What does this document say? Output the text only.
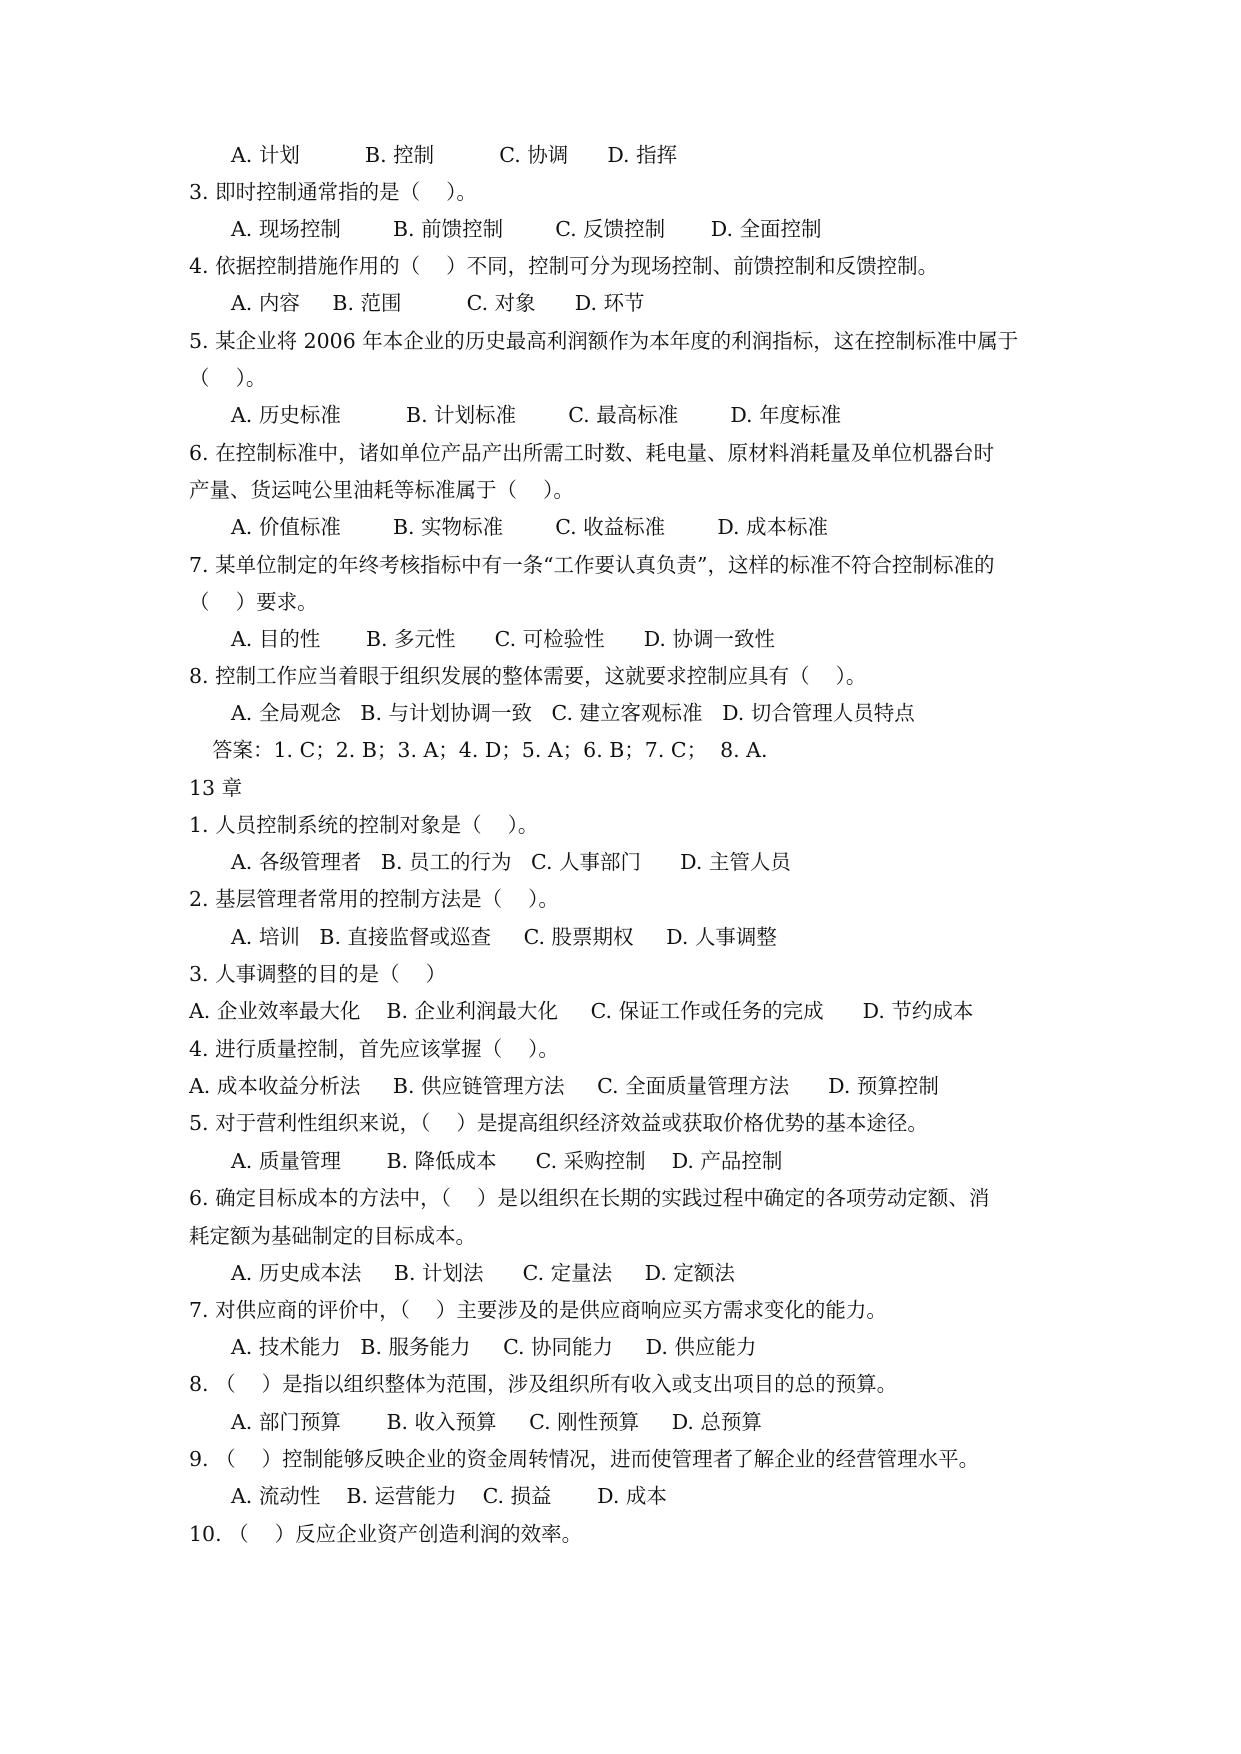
A. 计划          B. 控制          C. 协调      D. 指挥
3. 即时控制通常指的是（    ）。
A. 现场控制        B. 前馈控制        C. 反馈控制       D. 全面控制
4. 依据控制措施作用的（    ）不同，控制可分为现场控制、前馈控制和反馈控制。
A. 内容     B. 范围          C. 对象      D. 环节
5. 某企业将 2006 年本企业的历史最高利润额作为本年度的利润指标，这在控制标准中属于
（    ）。
A. 历史标准          B. 计划标准        C. 最高标准        D. 年度标准
6. 在控制标准中，诸如单位产品产出所需工时数、耗电量、原材料消耗量及单位机器台时
产量、货运吨公里油耗等标准属于（    ）。
A. 价值标准        B. 实物标准        C. 收益标准        D. 成本标准
7. 某单位制定的年终考核指标中有一条“工作要认真负责”，这样的标准不符合控制标准的
（    ）要求。
A. 目的性       B. 多元性      C. 可检验性      D. 协调一致性
8. 控制工作应当着眼于组织发展的整体需要，这就要求控制应具有（    ）。
A. 全局观念   B. 与计划协调一致   C. 建立客观标准   D. 切合管理人员特点
答案：1. C；2. B；3. A；4. D；5. A；6. B；7. C；  8. A.
13 章
1. 人员控制系统的控制对象是（    ）。
A. 各级管理者   B. 员工的行为   C. 人事部门      D. 主管人员
2. 基层管理者常用的控制方法是（    ）。
A. 培训   B. 直接监督或巡查     C. 股票期权     D. 人事调整
3. 人事调整的目的是（    ）
A. 企业效率最大化    B. 企业利润最大化     C. 保证工作或任务的完成      D. 节约成本
4. 进行质量控制，首先应该掌握（    ）。
A. 成本收益分析法     B. 供应链管理方法     C. 全面质量管理方法      D. 预算控制
5. 对于营利性组织来说，（    ）是提高组织经济效益或获取价格优势的基本途径。
A. 质量管理       B. 降低成本      C. 采购控制    D. 产品控制
6. 确定目标成本的方法中，（    ）是以组织在长期的实践过程中确定的各项劳动定额、消
耗定额为基础制定的目标成本。
A. 历史成本法     B. 计划法      C. 定量法     D. 定额法
7. 对供应商的评价中，（    ）主要涉及的是供应商响应买方需求变化的能力。
A. 技术能力   B. 服务能力     C. 协同能力     D. 供应能力
8. （    ）是指以组织整体为范围，涉及组织所有收入或支出项目的总的预算。
A. 部门预算       B. 收入预算     C. 刚性预算     D. 总预算
9. （    ）控制能够反映企业的资金周转情况，进而使管理者了解企业的经营管理水平。
A. 流动性    B. 运营能力    C. 损益       D. 成本
10. （    ）反应企业资产创造利润的效率。
